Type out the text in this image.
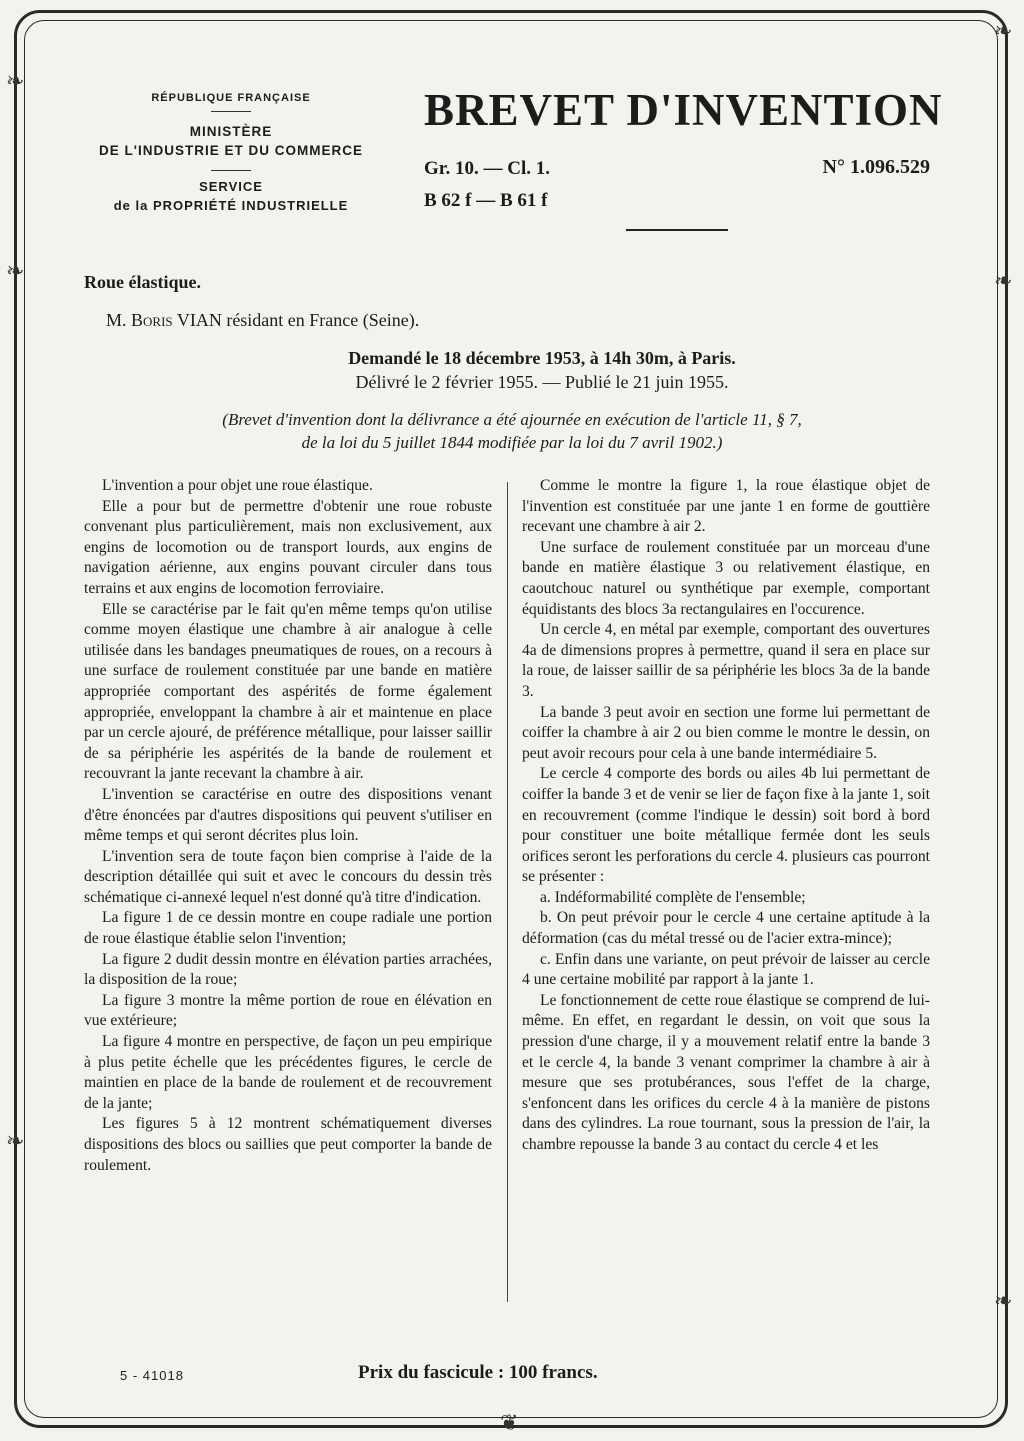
❧
❧
❧
❧
❧
❧
❦
RÉPUBLIQUE FRANÇAISE
MINISTÈRE
DE L'INDUSTRIE ET DU COMMERCE
SERVICE
de la PROPRIÉTÉ INDUSTRIELLE
BREVET D'INVENTION
Gr. 10. — Cl. 1.
B 62 f — B 61 f
N° 1.096.529
Roue élastique.
M. Boris VIAN résidant en France (Seine).
Demandé le 18 décembre 1953, à 14h 30m, à Paris.
Délivré le 2 février 1955. — Publié le 21 juin 1955.
(Brevet d'invention dont la délivrance a été ajournée en exécution de l'article 11, § 7,
de la loi du 5 juillet 1844 modifiée par la loi du 7 avril 1902.)

L'invention a pour objet une roue élastique.

Elle a pour but de permettre d'obtenir une roue robuste convenant plus particulièrement, mais non exclusivement, aux engins de locomotion ou de transport lourds, aux engins de navigation aérienne, aux engins pouvant circuler dans tous terrains et aux engins de locomotion ferroviaire.

Elle se caractérise par le fait qu'en même temps qu'on utilise comme moyen élastique une chambre à air analogue à celle utilisée dans les bandages pneumatiques de roues, on a recours à une surface de roulement constituée par une bande en matière appropriée comportant des aspérités de forme également appropriée, enveloppant la chambre à air et maintenue en place par un cercle ajouré, de préférence métallique, pour laisser saillir de sa périphérie les aspérités de la bande de roulement et recouvrant la jante recevant la chambre à air.

L'invention se caractérise en outre des dispositions venant d'être énoncées par d'autres dispositions qui peuvent s'utiliser en même temps et qui seront décrites plus loin.

L'invention sera de toute façon bien comprise à l'aide de la description détaillée qui suit et avec le concours du dessin très schématique ci-annexé lequel n'est donné qu'à titre d'indication.

La figure 1 de ce dessin montre en coupe radiale une portion de roue élastique établie selon l'invention;

La figure 2 dudit dessin montre en élévation parties arrachées, la disposition de la roue;

La figure 3 montre la même portion de roue en élévation en vue extérieure;

La figure 4 montre en perspective, de façon un peu empirique à plus petite échelle que les précédentes figures, le cercle de maintien en place de la bande de roulement et de recouvrement de la jante;

Les figures 5 à 12 montrent schématiquement diverses dispositions des blocs ou saillies que peut comporter la bande de roulement.

Comme le montre la figure 1, la roue élastique objet de l'invention est constituée par une jante 1 en forme de gouttière recevant une chambre à air 2.

Une surface de roulement constituée par un morceau d'une bande en matière élastique 3 ou relativement élastique, en caoutchouc naturel ou synthétique par exemple, comportant équidistants des blocs 3a rectangulaires en l'occurence.

Un cercle 4, en métal par exemple, comportant des ouvertures 4a de dimensions propres à permettre, quand il sera en place sur la roue, de laisser saillir de sa périphérie les blocs 3a de la bande 3.

La bande 3 peut avoir en section une forme lui permettant de coiffer la chambre à air 2 ou bien comme le montre le dessin, on peut avoir recours pour cela à une bande intermédiaire 5.

Le cercle 4 comporte des bords ou ailes 4b lui permettant de coiffer la bande 3 et de venir se lier de façon fixe à la jante 1, soit en recouvrement (comme l'indique le dessin) soit bord à bord pour constituer une boite métallique fermée dont les seuls orifices seront les perforations du cercle 4. plusieurs cas pourront se présenter :

a. Indéformabilité complète de l'ensemble;

b. On peut prévoir pour le cercle 4 une certaine aptitude à la déformation (cas du métal tressé ou de l'acier extra-mince);

c. Enfin dans une variante, on peut prévoir de laisser au cercle 4 une certaine mobilité par rapport à la jante 1.

Le fonctionnement de cette roue élastique se comprend de lui-même. En effet, en regardant le dessin, on voit que sous la pression d'une charge, il y a mouvement relatif entre la bande 3 et le cercle 4, la bande 3 venant comprimer la chambre à air à mesure que ses protubérances, sous l'effet de la charge, s'enfoncent dans les orifices du cercle 4 à la manière de pistons dans des cylindres. La roue tournant, sous la pression de l'air, la chambre repousse la bande 3 au contact du cercle 4 et les

5 - 41018	Prix du fascicule : 100 francs.
